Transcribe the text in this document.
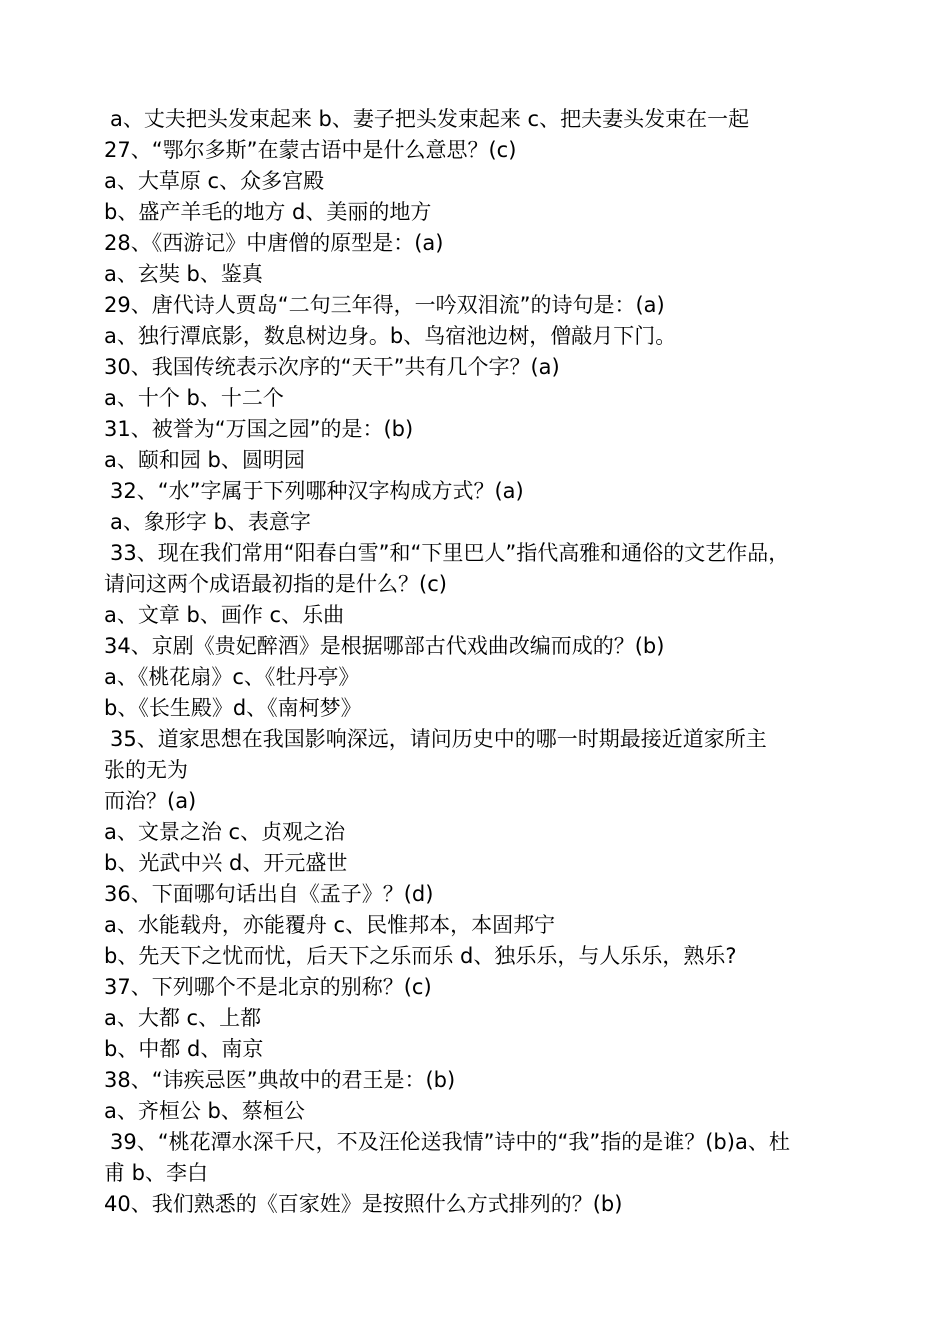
a、丈夫把头发束起来 b、妻子把头发束起来 c、把夫妻头发束在一起
27、“鄂尔多斯”在蒙古语中是什么意思？(c)
a、大草原 c、众多宫殿
b、盛产羊毛的地方 d、美丽的地方
28、《西游记》中唐僧的原型是：(a)
a、玄奘 b、鉴真
29、唐代诗人贾岛“二句三年得，一吟双泪流”的诗句是：(a)
a、独行潭底影，数息树边身。b、鸟宿池边树，僧敲月下门。
30、我国传统表示次序的“天干”共有几个字？(a)
a、十个 b、十二个
31、被誉为“万国之园”的是：(b)
a、颐和园 b、圆明园
32、“水”字属于下列哪种汉字构成方式？(a)
a、象形字 b、表意字
33、现在我们常用“阳春白雪”和“下里巴人”指代高雅和通俗的文艺作品，
请问这两个成语最初指的是什么？(c)
a、文章 b、画作 c、乐曲
34、京剧《贵妃醉酒》是根据哪部古代戏曲改编而成的？(b)
a、《桃花扇》c、《牡丹亭》
b、《长生殿》d、《南柯梦》
35、道家思想在我国影响深远，请问历史中的哪一时期最接近道家所主
张的无为
而治？(a)
a、文景之治 c、贞观之治
b、光武中兴 d、开元盛世
36、下面哪句话出自《孟子》？(d)
a、水能载舟，亦能覆舟 c、民惟邦本，本固邦宁
b、先天下之忧而忧，后天下之乐而乐 d、独乐乐，与人乐乐，熟乐?
37、下列哪个不是北京的别称？(c)
a、大都 c、上都
b、中都 d、南京
38、“讳疾忌医”典故中的君王是：(b)
a、齐桓公 b、蔡桓公
39、“桃花潭水深千尺，不及汪伦送我情”诗中的“我”指的是谁？(b)a、杜
甫 b、李白
40、我们熟悉的《百家姓》是按照什么方式排列的？(b)
